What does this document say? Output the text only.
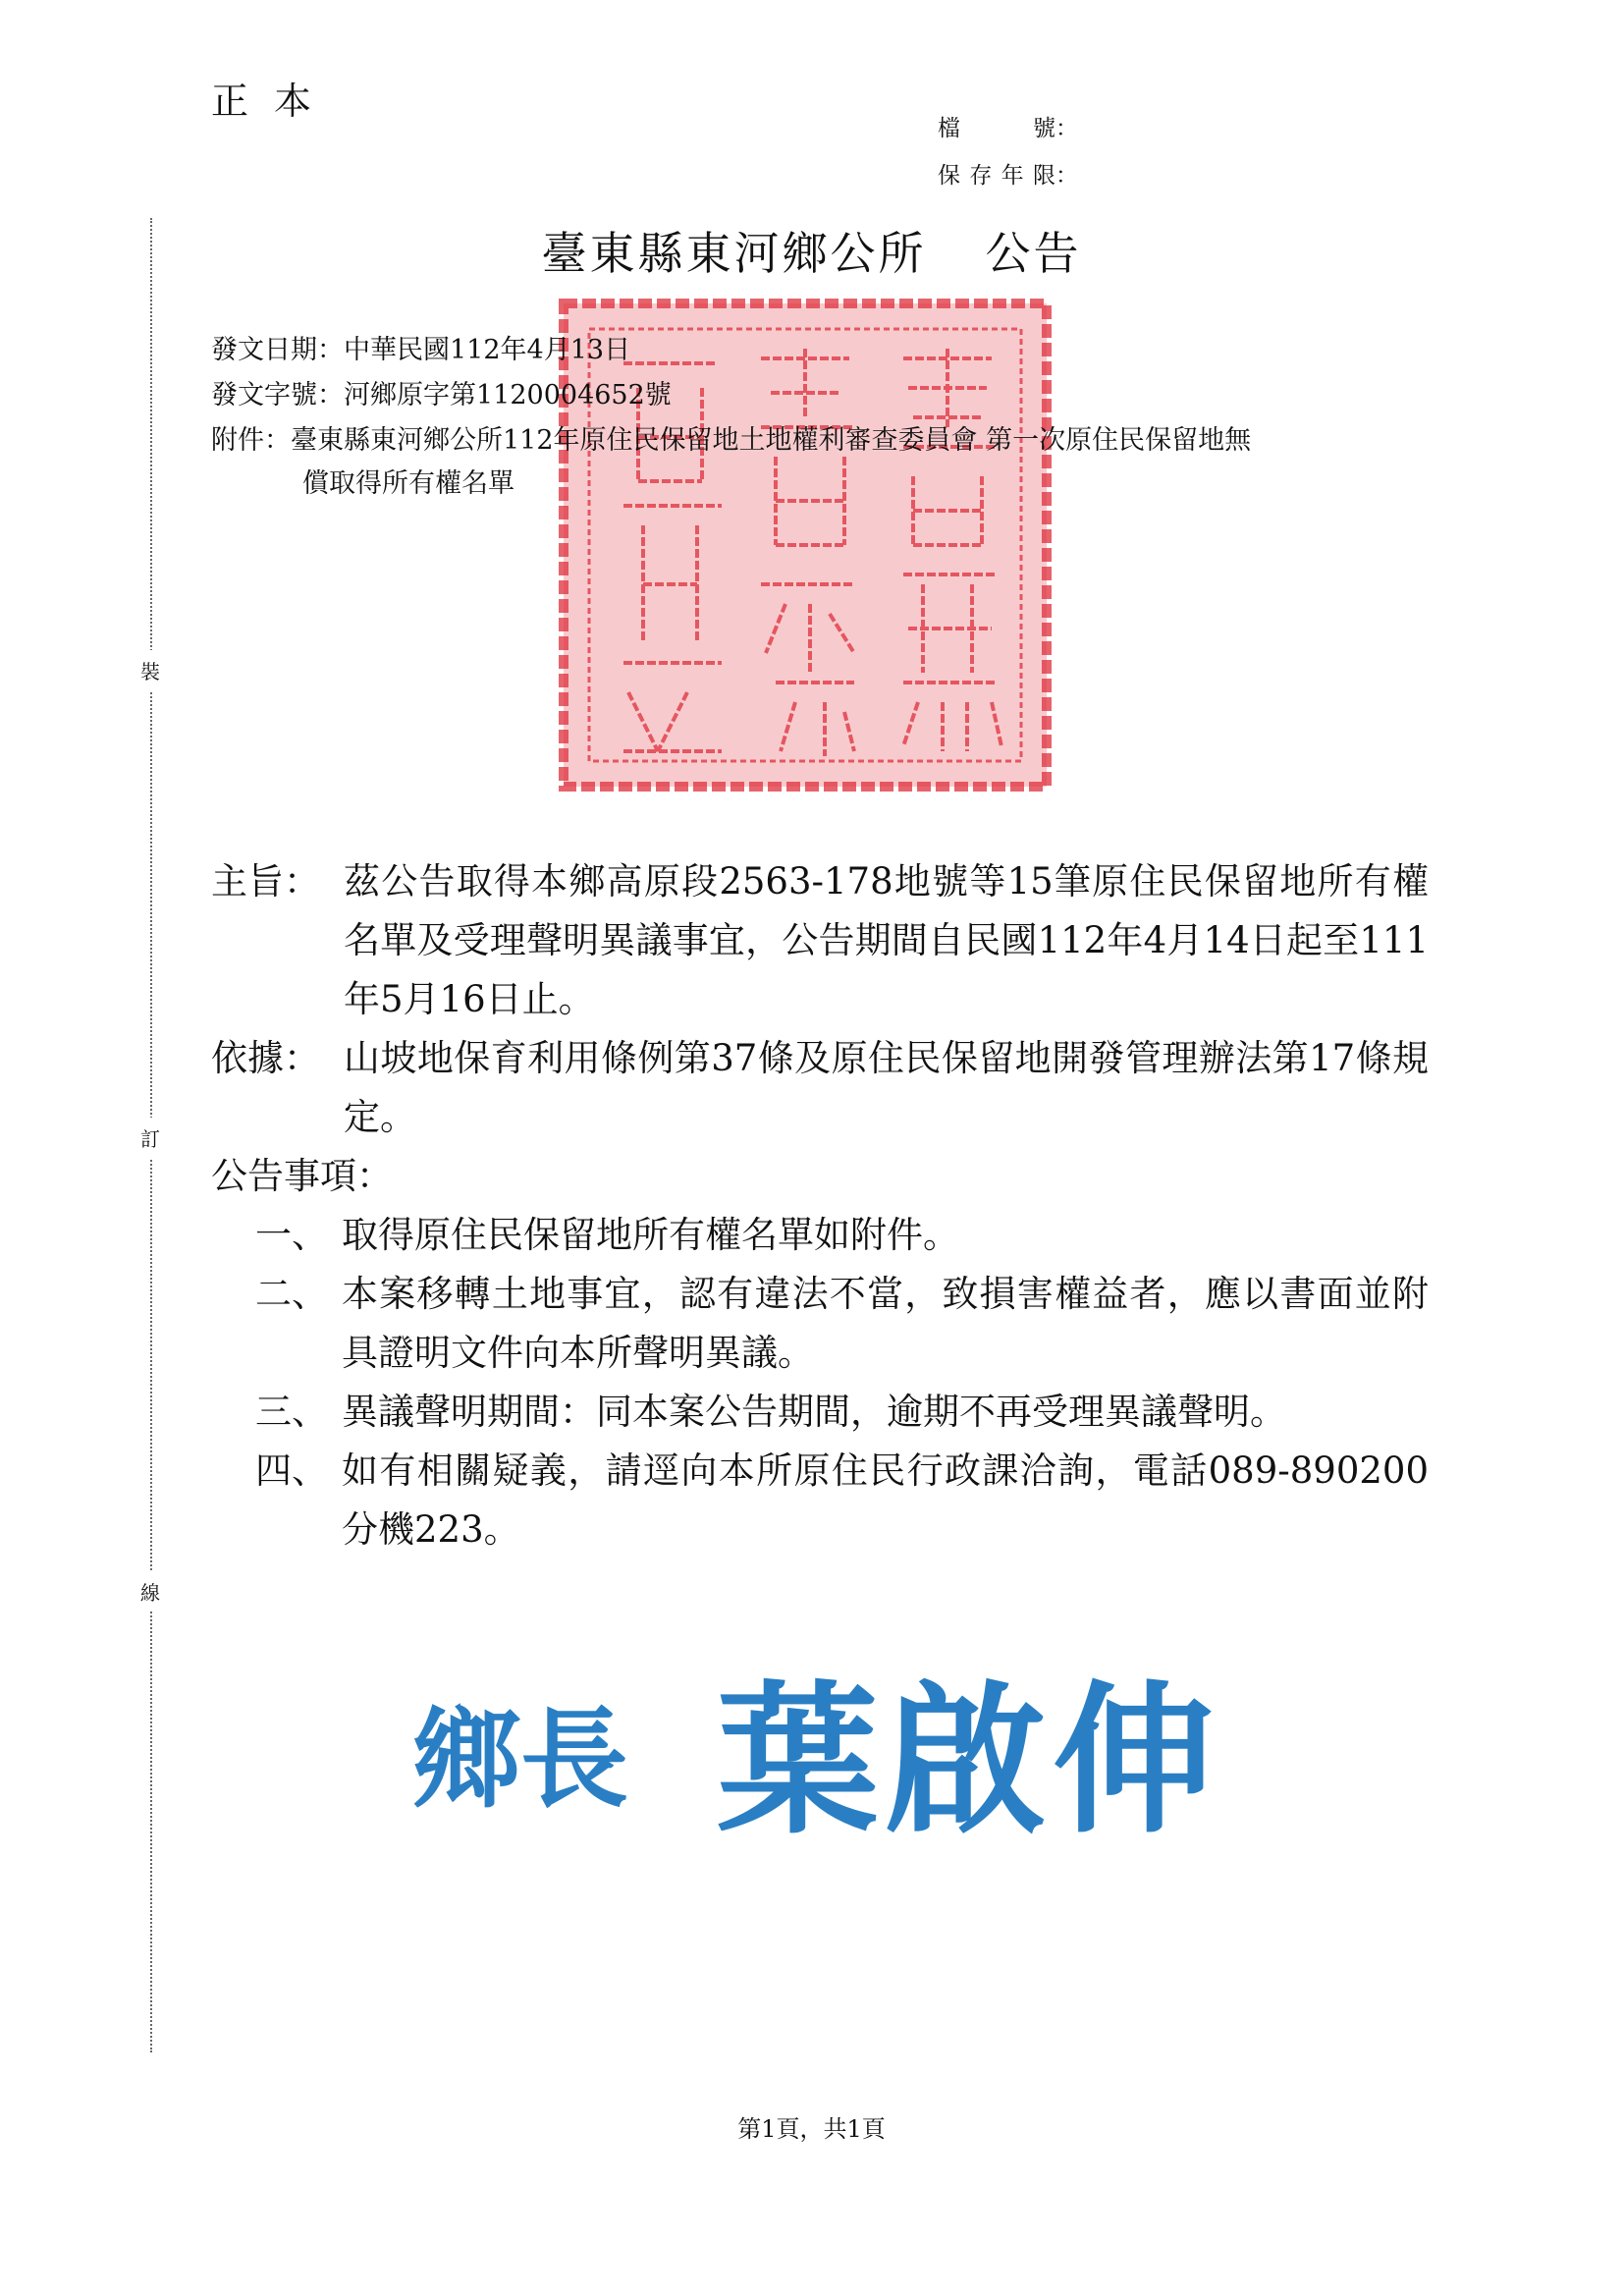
正本
檔號：
保存年限：
裝
訂
線
臺東縣東河鄉公所 公告
發文日期：中華民國112年4月13日
發文字號：河鄉原字第1120004652號
附件：臺東縣東河鄉公所112年原住民保留地土地權利審查委員會 第一次原住民保留地無
償取得所有權名單
主旨： 茲公告取得本鄉高原段2563-178地號等15筆原住民保留地所有權名單及受理聲明異議事宜，公告期間自民國112年4月14日起至111年5月16日止。
依據： 山坡地保育利用條例第37條及原住民保留地開發管理辦法第17條規定。
公告事項：
一、 取得原住民保留地所有權名單如附件。
二、 本案移轉土地事宜，認有違法不當，致損害權益者，應以書面並附具證明文件向本所聲明異議。
三、 異議聲明期間：同本案公告期間，逾期不再受理異議聲明。
四、 如有相關疑義，請逕向本所原住民行政課洽詢，電話089-890200分機223。
鄉長 葉啟伸
第1頁，共1頁
